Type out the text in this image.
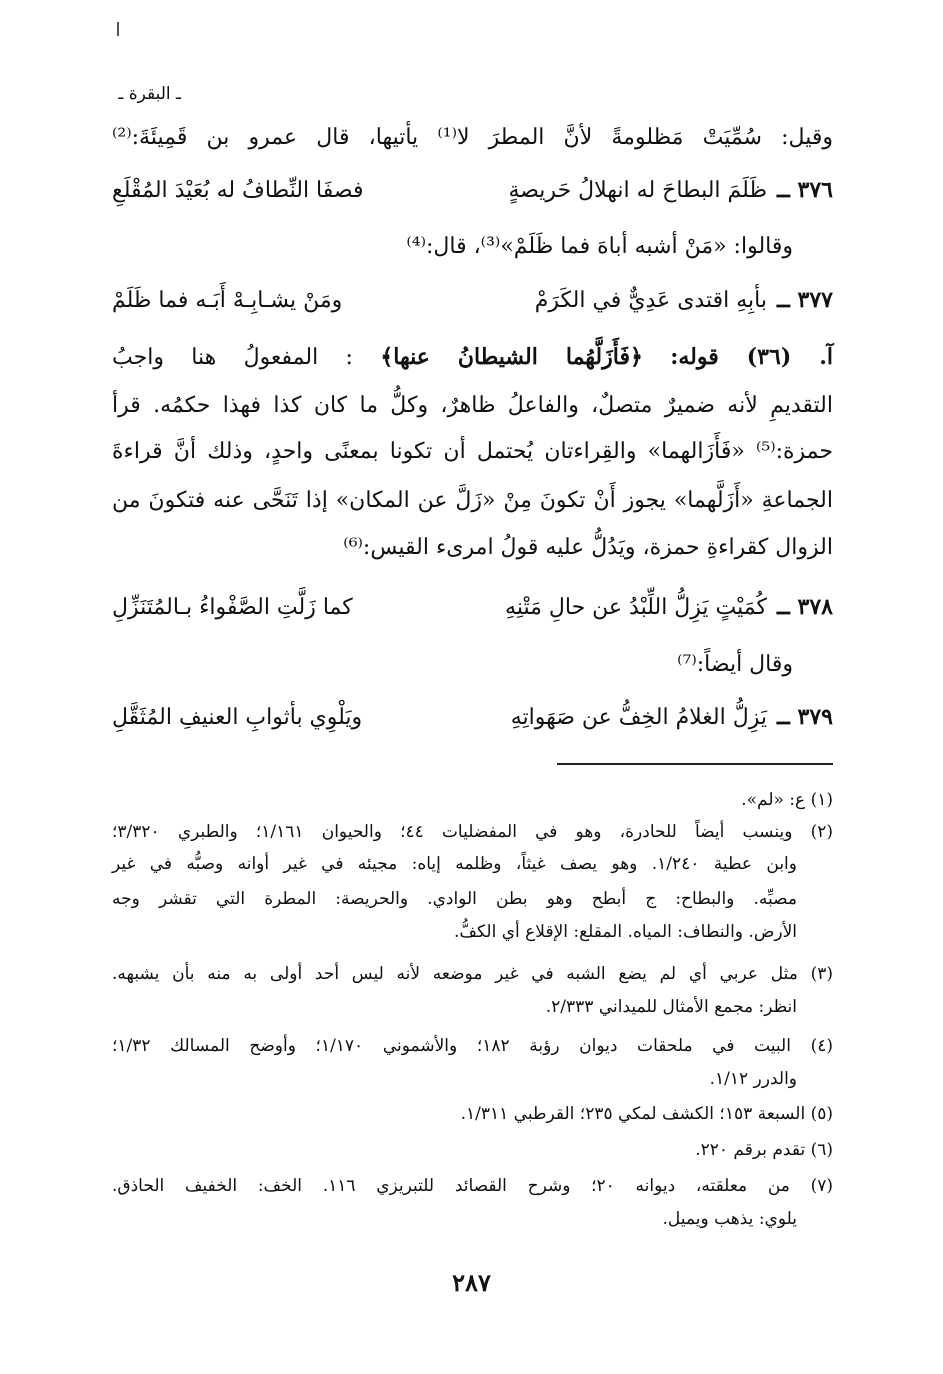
ـ البقرة ـ
وقيل: سُمِّيَتْ مَظلومةً لأنَّ المطرَ لا⁽¹⁾ يأتيها، قال عمرو بن قَمِيئَةَ:⁽²⁾
٣٧٦ ــ
ظَلَمَ البطاحَ له انهلالُ حَريصةٍ
فصفَا النِّطافُ له بُعَيْدَ المُقْلَعِ
وقالوا: «مَنْ أشبه أباهَ فما ظَلَمْ»⁽³⁾، قال:⁽⁴⁾
٣٧٧ ــ
بأبِهِ اقتدى عَدِيٌّ في الكَرَمْ
ومَنْ يشـابِـهْ أَبَـه فما ظَلَمْ
آ. (٣٦) قوله: ﴿فَأَزَلَّهُما الشيطانُ عنها﴾ : المفعولُ هنا واجبُ
التقديمِ لأنه ضميرٌ متصلٌ، والفاعلُ ظاهرٌ، وكلُّ ما كان كذا فهذا حكمُه. قرأ
حمزة:⁽⁵⁾ «فَأَزَالهما» والقِراءتان يُحتمل أن تكونا بمعنًى واحدٍ، وذلك أنَّ قراءةَ
الجماعةِ «أَزَلَّهما» يجوز أَنْ تكونَ مِنْ «زَلَّ عن المكان» إذا تَنَحَّى عنه فتكونَ من
الزوال كقراءةِ حمزة، ويَدُلُّ عليه قولُ امرىء القيس:⁽⁶⁾
٣٧٨ ــ
كُمَيْتٍ يَزِلُّ اللِّبْدُ عن حالِ مَتْنِهِ
كما زَلَّتِ الصَّفْواءُ بـالمُتَنَزِّلِ
وقال أيضاً:⁽⁷⁾
٣٧٩ ــ
يَزِلُّ الغلامُ الخِفُّ عن صَهَواتِهِ
ويَلْوِي بأثوابِ العنيفِ المُثَقَّلِ
(١) ع: «لم».
(٢) وينسب أيضاً للحادرة، وهو في المفضليات ٤٤؛ والحيوان ١/١٦١؛ والطبري ٣/٣٢٠؛
وابن عطية ١/٢٤٠. وهو يصف غيثاً، وظلمه إياه: مجيئه في غير أوانه وصبُّه في غير
مصبِّه. والبطاح: ج أبطح وهو بطن الوادي. والحريصة: المطرة التي تقشر وجه
الأرض. والنطاف: المياه. المقلع: الإقلاع أي الكفُّ.
(٣) مثل عربي أي لم يضع الشبه في غير موضعه لأنه ليس أحد أولى به منه بأن يشبهه.
انظر: مجمع الأمثال للميداني ٢/٣٣٣.
(٤) البيت في ملحقات ديوان رؤبة ١٨٢؛ والأشموني ١/١٧٠؛ وأوضح المسالك ١/٣٢؛
والدرر ١/١٢.
(٥) السبعة ١٥٣؛ الكشف لمكي ٢٣٥؛ القرطبي ١/٣١١.
(٦) تقدم برقم ٢٢٠.
(٧) من معلقته، ديوانه ٢٠؛ وشرح القصائد للتبريزي ١١٦. الخف: الخفيف الحاذق.
يلوي: يذهب ويميل.
٢٨٧
